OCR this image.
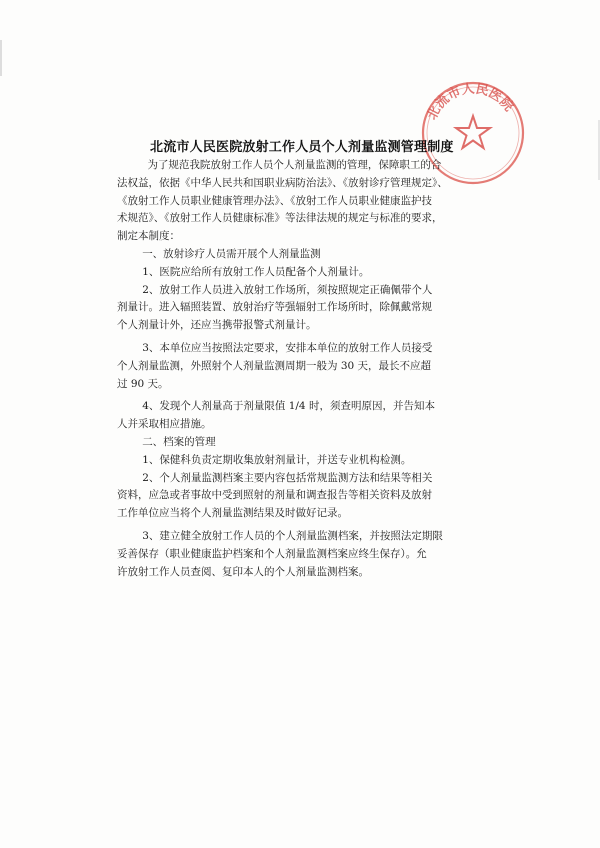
北流市人民医院
北流市人民医院放射工作人员个人剂量监测管理制度

为了规范我院放射工作人员个人剂量监测的管理，保障职工的合

法权益，依据《中华人民共和国职业病防治法》、《放射诊疗管理规定》、

《放射工作人员职业健康管理办法》、《放射工作人员职业健康监护技

术规范》、《放射工作人员健康标准》等法律法规的规定与标准的要求，

制定本制度：

一、放射诊疗人员需开展个人剂量监测

1、医院应给所有放射工作人员配备个人剂量计。

2、放射工作人员进入放射工作场所，须按照规定正确佩带个人

剂量计。进入辐照装置、放射治疗等强辐射工作场所时，除佩戴常规

个人剂量计外，还应当携带报警式剂量计。

3、本单位应当按照法定要求，安排本单位的放射工作人员接受

个人剂量监测，外照射个人剂量监测周期一般为 30 天，最长不应超

过 90 天。

4、发现个人剂量高于剂量限值 1/4 时，须查明原因，并告知本

人并采取相应措施。

二、档案的管理

1、保健科负责定期收集放射剂量计，并送专业机构检测。

2、个人剂量监测档案主要内容包括常规监测方法和结果等相关

资料，应急或者事故中受到照射的剂量和调查报告等相关资料及放射

工作单位应当将个人剂量监测结果及时做好记录。

3、建立健全放射工作人员的个人剂量监测档案，并按照法定期限

妥善保存（职业健康监护档案和个人剂量监测档案应终生保存）。允

许放射工作人员查阅、复印本人的个人剂量监测档案。
